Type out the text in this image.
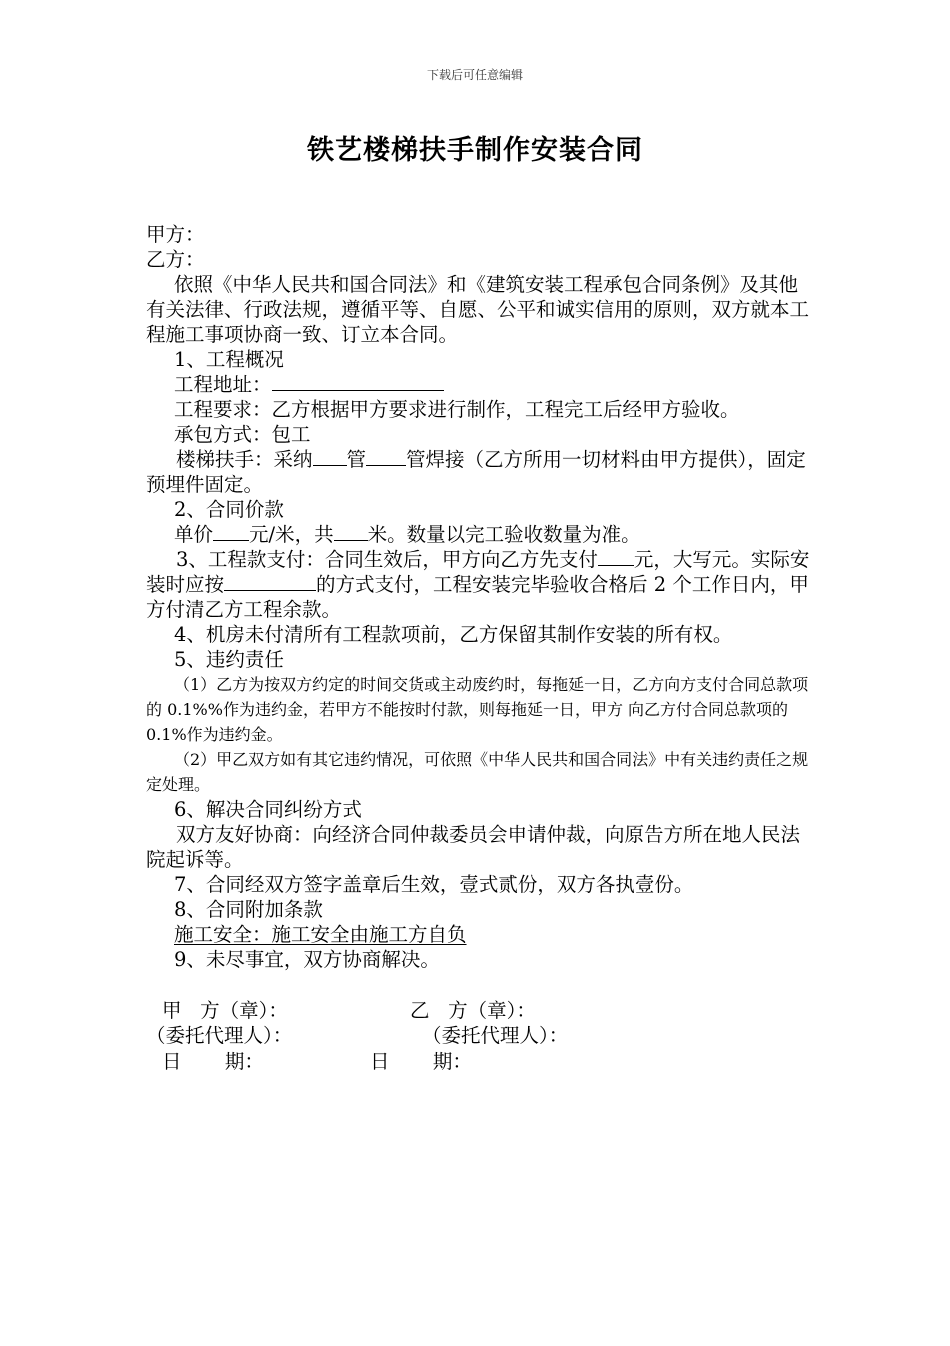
下载后可任意编辑
铁艺楼梯扶手制作安装合同

甲方：

乙方：

依照《中华人民共和国合同法》和《建筑安装工程承包合同条例》及其他有关法律、行政法规，遵循平等、自愿、公平和诚实信用的原则，双方就本工程施工事项协商一致、订立本合同。

1、工程概况

工程地址：

工程要求：乙方根据甲方要求进行制作，工程完工后经甲方验收。

承包方式：包工

楼梯扶手：采纳 管 管焊接（乙方所用一切材料由甲方提供），固定预埋件固定。

2、合同价款

单价 元/米，共 米。数量以完工验收数量为准。

3、工程款支付：合同生效后，甲方向乙方先支付 元，大写元。实际安装时应按	的方式支付，工程安装完毕验收合格后 2 个工作日内，甲方付清乙方工程余款。

4、机房未付清所有工程款项前，乙方保留其制作安装的所有权。

5、违约责任

（1）乙方为按双方约定的时间交货或主动废约时，每拖延一日，乙方向方支付合同总款项的 0.1%%作为违约金，若甲方不能按时付款，则每拖延一日，甲方 向乙方付合同总款项的 0.1%作为违约金。

（2）甲乙双方如有其它违约情况，可依照《中华人民共和国合同法》中有关违约责任之规定处理。

6、解决合同纠纷方式

双方友好协商：向经济合同仲裁委员会申请仲裁，向原告方所在地人民法院起诉等。

7、合同经双方签字盖章后生效，壹式贰份，双方各执壹份。

8、合同附加条款

施工安全：施工安全由施工方自负

9、未尽事宜，双方协商解决。

甲   方（章）：	乙   方（章）：
（委托代理人）：	（委托代理人）：
日       期：	日       期：
